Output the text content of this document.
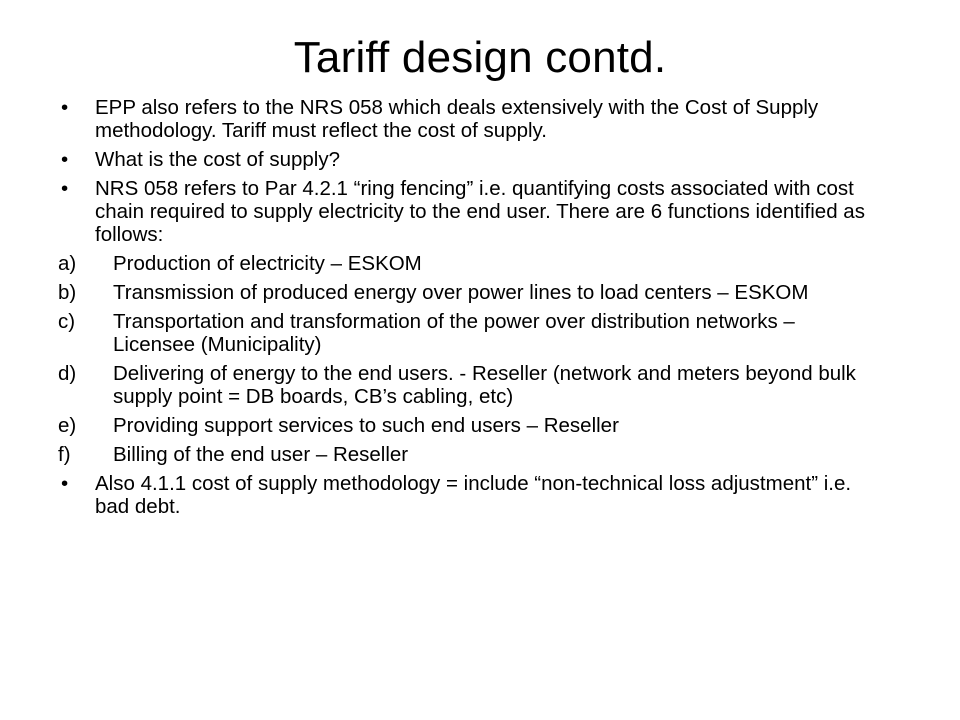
Tariff design contd.
• EPP also refers to the NRS 058 which deals extensively with the Cost of Supply methodology. Tariff must reflect the cost of supply.
• What is the cost of supply?
• NRS 058 refers to Par 4.2.1 “ring fencing” i.e. quantifying costs associated with cost chain required to supply electricity to the end user. There are 6 functions identified as follows:
a) Production of electricity – ESKOM
b) Transmission of produced energy over power lines to load centers – ESKOM
c) Transportation and transformation of the power over distribution networks – Licensee (Municipality)
d) Delivering of energy to the end users. - Reseller (network and meters beyond bulk supply point = DB boards, CB’s cabling, etc)
e) Providing support services to such end users – Reseller
f) Billing of the end user – Reseller
• Also 4.1.1 cost of supply methodology = include “non-technical loss adjustment” i.e. bad debt.
